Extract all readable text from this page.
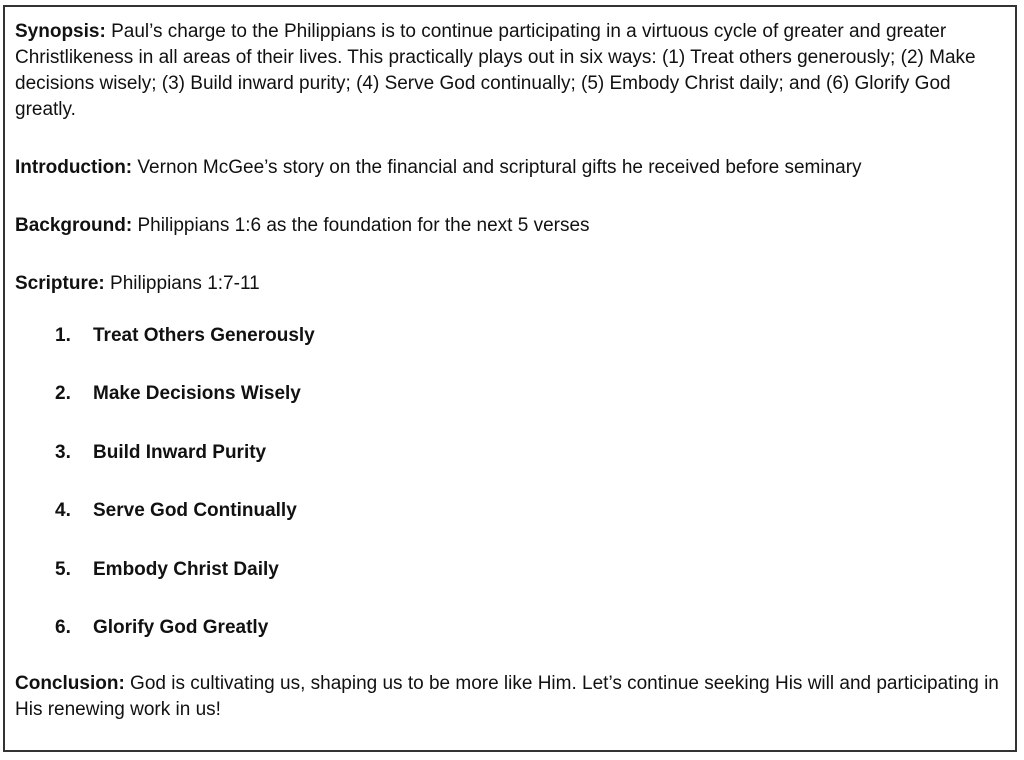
Synopsis: Paul’s charge to the Philippians is to continue participating in a virtuous cycle of greater and greater Christlikeness in all areas of their lives. This practically plays out in six ways: (1) Treat others generously; (2) Make decisions wisely; (3) Build inward purity; (4) Serve God continually; (5) Embody Christ daily; and (6) Glorify God greatly.

Introduction: Vernon McGee’s story on the financial and scriptural gifts he received before seminary

Background: Philippians 1:6 as the foundation for the next 5 verses

Scripture: Philippians 1:7-11

1.	Treat Others Generously
2.	Make Decisions Wisely
3.	Build Inward Purity
4.	Serve God Continually
5.	Embody Christ Daily
6.	Glorify God Greatly

Conclusion: God is cultivating us, shaping us to be more like Him. Let’s continue seeking His will and participating in His renewing work in us!
